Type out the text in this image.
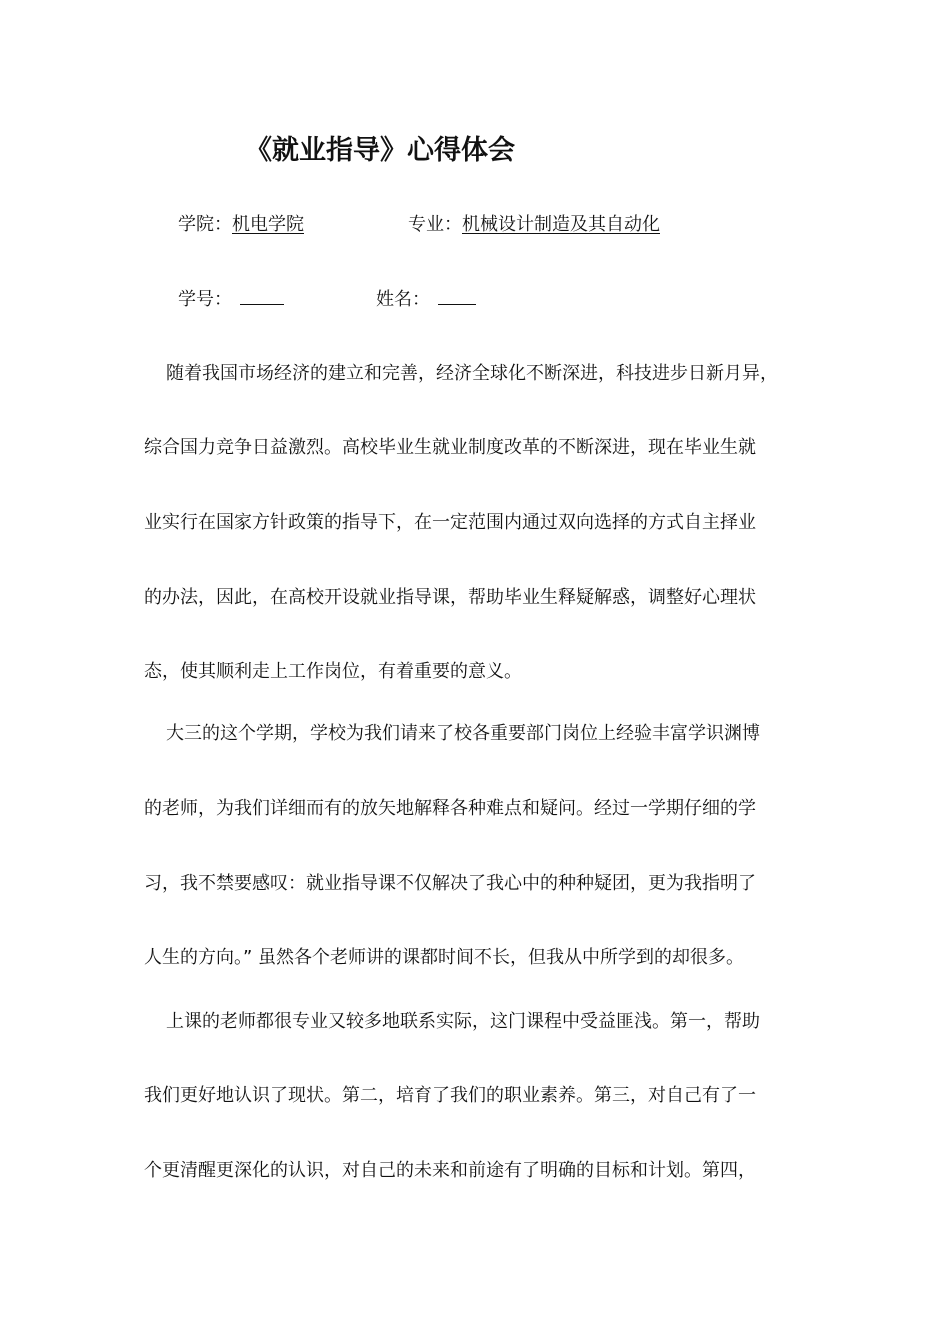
《就业指导》心得体会
学院：机电学院	专业：机械设计制造及其自动化
学号：	姓名：
随着我国市场经济的建立和完善，经济全球化不断深进，科技进步日新月异，
综合国力竞争日益激烈。高校毕业生就业制度改革的不断深进，现在毕业生就
业实行在国家方针政策的指导下，在一定范围内通过双向选择的方式自主择业
的办法，因此，在高校开设就业指导课，帮助毕业生释疑解惑，调整好心理状
态，使其顺利走上工作岗位，有着重要的意义。
大三的这个学期，学校为我们请来了校各重要部门岗位上经验丰富学识渊博
的老师，为我们详细而有的放矢地解释各种难点和疑问。经过一学期仔细的学
习，我不禁要感叹：就业指导课不仅解决了我心中的种种疑团，更为我指明了
人生的方向。” 虽然各个老师讲的课都时间不长，但我从中所学到的却很多。
上课的老师都很专业又较多地联系实际，这门课程中受益匪浅。第一，帮助
我们更好地认识了现状。第二，培育了我们的职业素养。第三，对自己有了一
个更清醒更深化的认识，对自己的未来和前途有了明确的目标和计划。第四，
